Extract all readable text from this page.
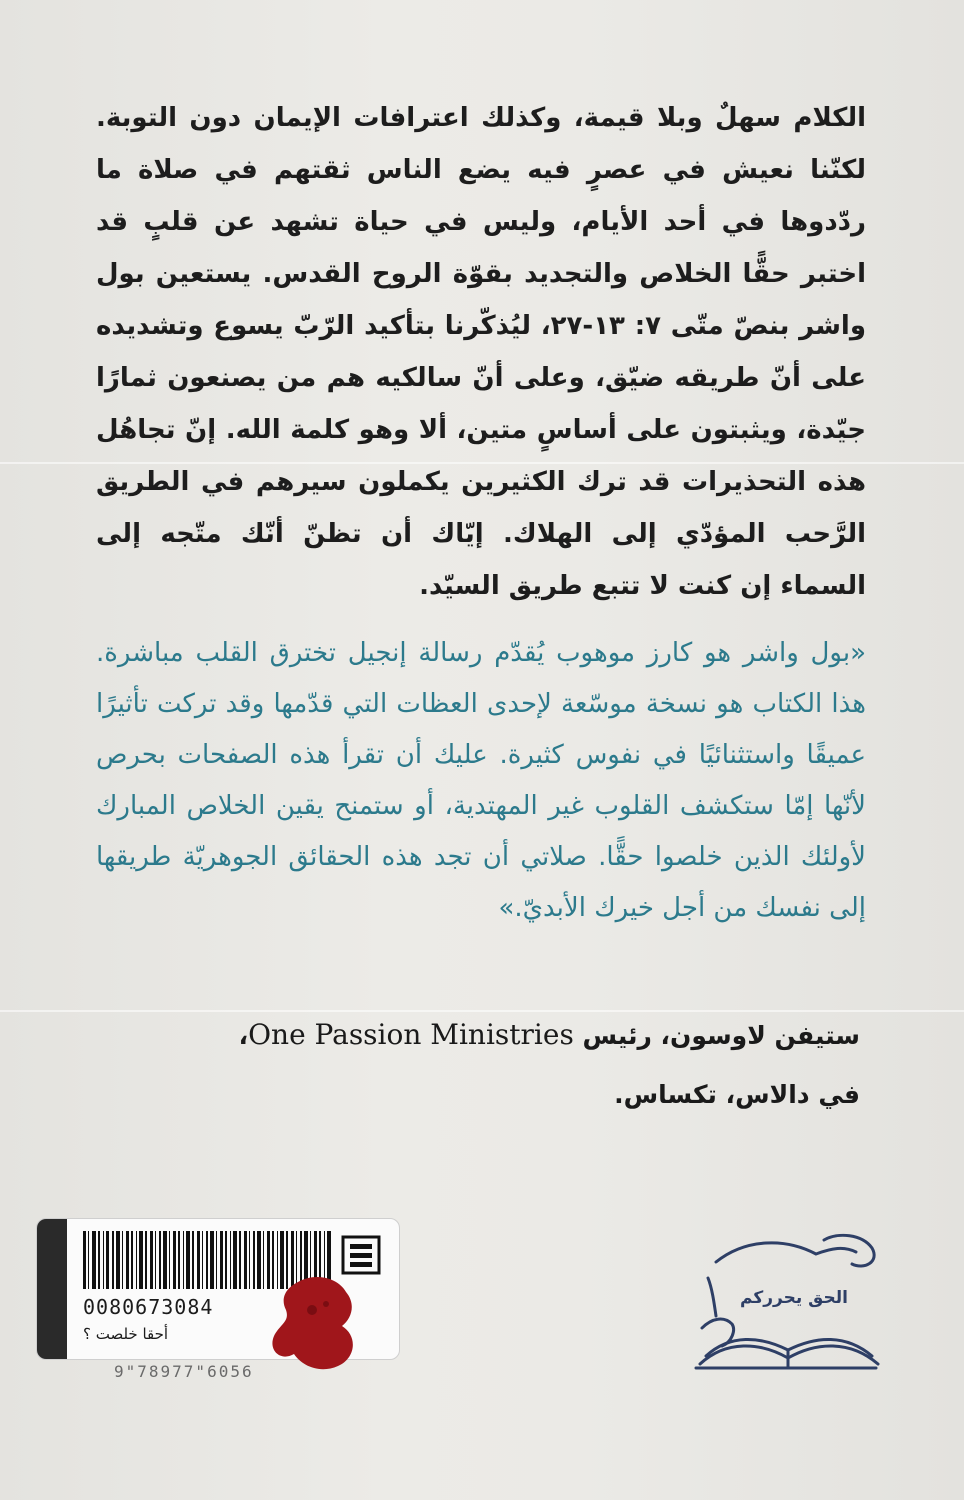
الكلام سهلٌ وبلا قيمة، وكذلك اعترافات الإيمان دون التوبة. لكنّنا نعيش في عصرٍ فيه يضع الناس ثقتهم في صلاة ما ردّدوها في أحد الأيام، وليس في حياة تشهد عن قلبٍ قد اختبر حقًّا الخلاص والتجديد بقوّة الروح القدس. يستعين بول واشر بنصّ متّى ٧: ١٣-٢٧، ليُذكّرنا بتأكيد الرّبّ يسوع وتشديده على أنّ طريقه ضيّق، وعلى أنّ سالكيه هم من يصنعون ثمارًا جيّدة، ويثبتون على أساسٍ متين، ألا وهو كلمة الله. إنّ تجاهُل هذه التحذيرات قد ترك الكثيرين يكملون سيرهم في الطريق الرَّحب المؤدّي إلى الهلاك. إيّاك أن تظنّ أنّك متّجه إلى السماء إن كنت لا تتبع طريق السيّد.

«بول واشر هو كارز موهوب يُقدّم رسالة إنجيل تخترق القلب مباشرة. هذا الكتاب هو نسخة موسّعة لإحدى العظات التي قدّمها وقد تركت تأثيرًا عميقًا واستثنائيًا في نفوس كثيرة. عليك أن تقرأ هذه الصفحات بحرص لأنّها إمّا ستكشف القلوب غير المهتدية، أو ستمنح يقين الخلاص المبارك لأولئك الذين خلصوا حقًّا. صلاتي أن تجد هذه الحقائق الجوهريّة طريقها إلى نفسك من أجل خيرك الأبديّ.»

ستيفن لاوسون، رئيس One Passion Ministries،
في دالاس، تكساس.
0080673084
أحقا خلصت ؟
9"78977"6056
الحق يحرركم
